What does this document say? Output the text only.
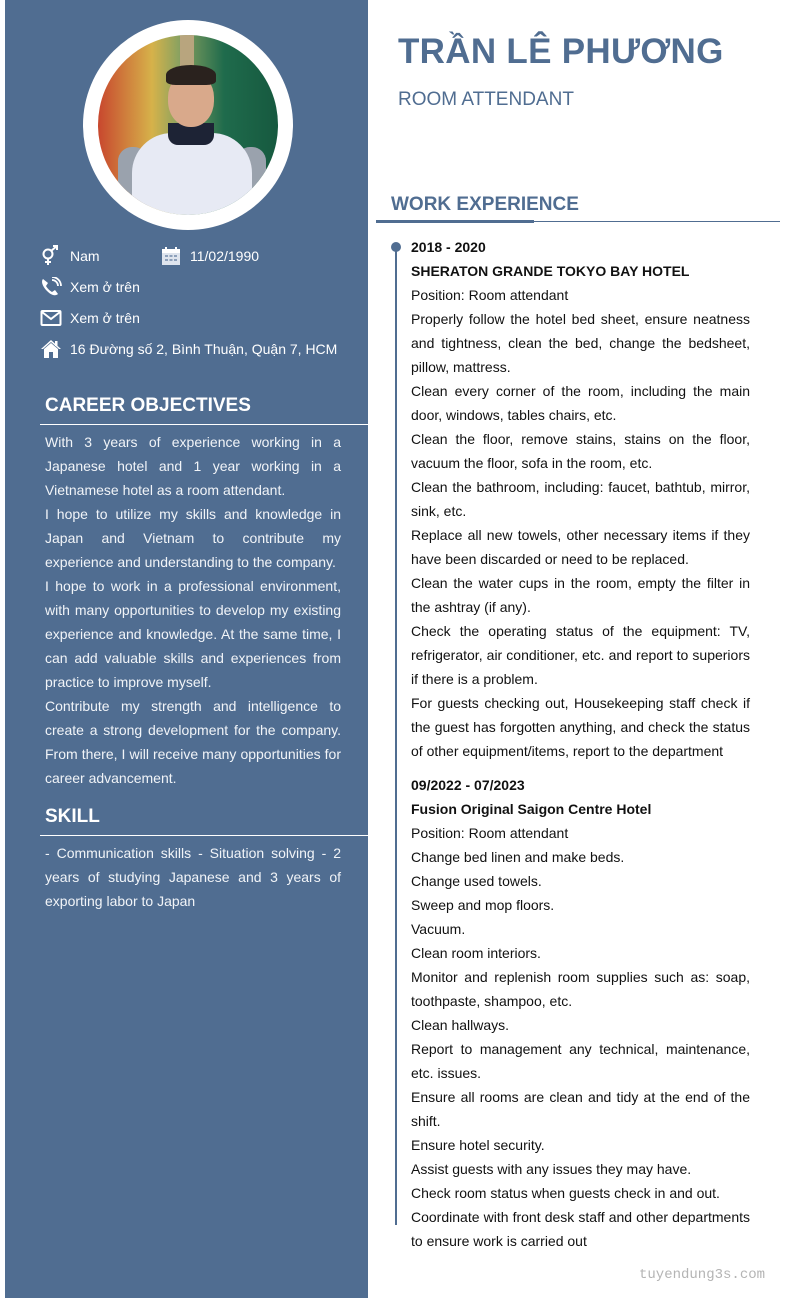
Nam	11/02/1990
Xem ở trên
Xem ở trên
16 Đường số 2, Bình Thuận, Quận 7, HCM
CAREER OBJECTIVES

With 3 years of experience working in a Japanese hotel and 1 year working in a Vietnamese hotel as a room attendant.

I hope to utilize my skills and knowledge in Japan and Vietnam to contribute my experience and understanding to the company.

I hope to work in a professional environment, with many opportunities to develop my existing experience and knowledge. At the same time, I can add valuable skills and experiences from practice to improve myself.

Contribute my strength and intelligence to create a strong development for the company. From there, I will receive many opportunities for career advancement.

SKILL

- Communication skills - Situation solving - 2 years of studying Japanese and 3 years of exporting labor to Japan

TRẦN LÊ PHƯƠNG
ROOM ATTENDANT
WORK EXPERIENCE

2018 - 2020

SHERATON GRANDE TOKYO BAY HOTEL

Position: Room attendant

Properly follow the hotel bed sheet, ensure neatness and tightness, clean the bed, change the bedsheet, pillow, mattress.

Clean every corner of the room, including the main door, windows, tables chairs, etc.

Clean the floor, remove stains, stains on the floor, vacuum the floor, sofa in the room, etc.

Clean the bathroom, including: faucet, bathtub, mirror, sink, etc.

Replace all new towels, other necessary items if they have been discarded or need to be replaced.

Clean the water cups in the room, empty the filter in the ashtray (if any).

Check the operating status of the equipment: TV, refrigerator, air conditioner, etc. and report to superiors if there is a problem.

For guests checking out, Housekeeping staff check if the guest has forgotten anything, and check the status of other equipment/items, report to the department

09/2022 - 07/2023

Fusion Original Saigon Centre Hotel

Position: Room attendant

Change bed linen and make beds.

Change used towels.

Sweep and mop floors.

Vacuum.

Clean room interiors.

Monitor and replenish room supplies such as: soap, toothpaste, shampoo, etc.

Clean hallways.

Report to management any technical, maintenance, etc. issues.

Ensure all rooms are clean and tidy at the end of the shift.

Ensure hotel security.

Assist guests with any issues they may have.

Check room status when guests check in and out.

Coordinate with front desk staff and other departments to ensure work is carried out

tuyendung3s.com
